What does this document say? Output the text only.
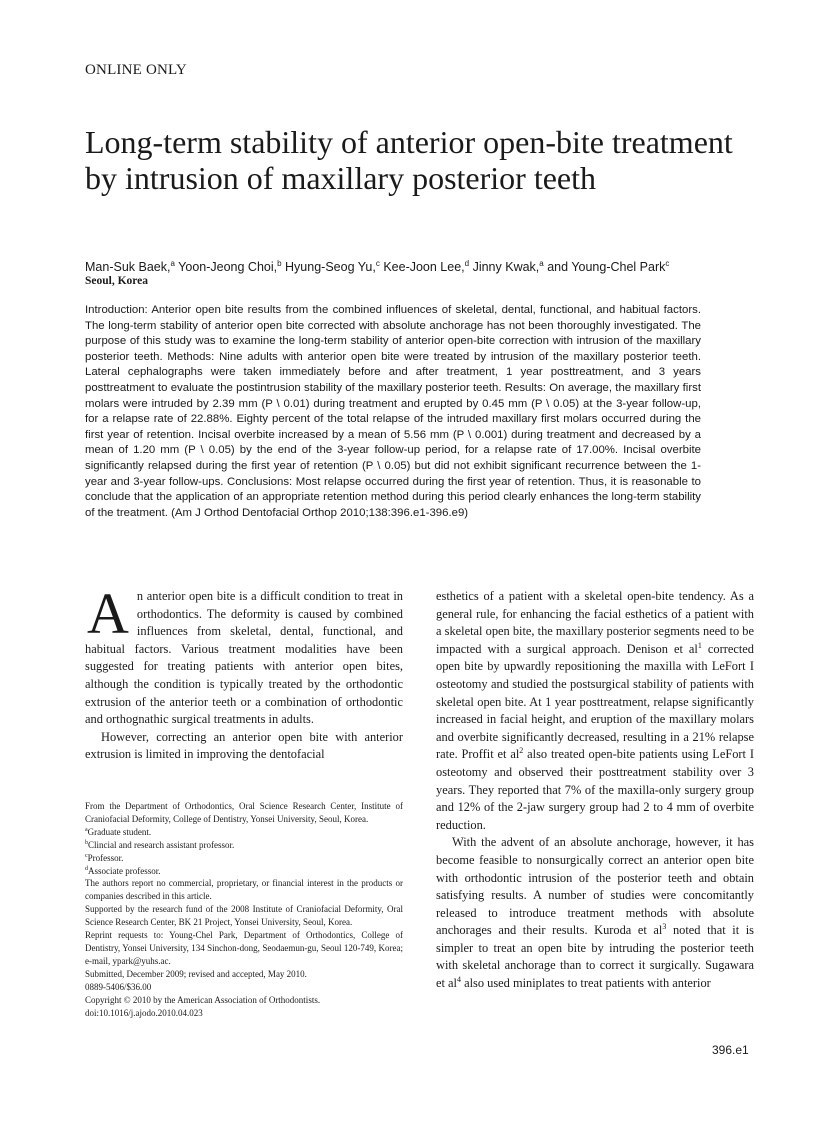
ONLINE ONLY
Long-term stability of anterior open-bite treatment by intrusion of maxillary posterior teeth
Man-Suk Baek,$^a$ Yoon-Jeong Choi,$^b$ Hyung-Seog Yu,$^c$ Kee-Joon Lee,$^d$ Jinny Kwak,$^a$ and Young-Chel Park$^c$
Seoul, Korea

Introduction: Anterior open bite results from the combined influences of skeletal, dental, functional, and habitual factors. The long-term stability of anterior open bite corrected with absolute anchorage has not been thoroughly investigated. The purpose of this study was to examine the long-term stability of anterior open-bite correction with intrusion of the maxillary posterior teeth. Methods: Nine adults with anterior open bite were treated by intrusion of the maxillary posterior teeth. Lateral cephalographs were taken immediately before and after treatment, 1 year posttreatment, and 3 years posttreatment to evaluate the postintrusion stability of the maxillary posterior teeth. Results: On average, the maxillary first molars were intruded by 2.39 mm (P \ 0.01) during treatment and erupted by 0.45 mm (P \ 0.05) at the 3-year follow-up, for a relapse rate of 22.88%. Eighty percent of the total relapse of the intruded maxillary first molars occurred during the first year of retention. Incisal overbite increased by a mean of 5.56 mm (P \ 0.001) during treatment and decreased by a mean of 1.20 mm (P \ 0.05) by the end of the 3-year follow-up period, for a relapse rate of 17.00%. Incisal overbite significantly relapsed during the first year of retention (P \ 0.05) but did not exhibit significant recurrence between the 1-year and 3-year follow-ups. Conclusions: Most relapse occurred during the first year of retention. Thus, it is reasonable to conclude that the application of an appropriate retention method during this period clearly enhances the long-term stability of the treatment. (Am J Orthod Dentofacial Orthop 2010;138:396.e1-396.e9)

An anterior open bite is a difficult condition to treat in orthodontics. The deformity is caused by combined influences from skeletal, dental, functional, and habitual factors. Various treatment modalities have been suggested for treating patients with anterior open bites, although the condition is typically treated by the orthodontic extrusion of the anterior teeth or a combination of orthodontic and orthognathic surgical treatments in adults.

However, correcting an anterior open bite with anterior extrusion is limited in improving the dentofacial

esthetics of a patient with a skeletal open-bite tendency. As a general rule, for enhancing the facial esthetics of a patient with a skeletal open bite, the maxillary posterior segments need to be impacted with a surgical approach. Denison et $al^1$ corrected open bite by upwardly repositioning the maxilla with LeFort I osteotomy and studied the postsurgical stability of patients with skeletal open bite. At 1 year posttreatment, relapse significantly increased in facial height, and eruption of the maxillary molars and overbite significantly decreased, resulting in a 21% relapse rate. Proffit et $al^2$ also treated open-bite patients using LeFort I osteotomy and observed their posttreatment stability over 3 years. They reported that 7% of the maxilla-only surgery group and 12% of the 2-jaw surgery group had 2 to 4 mm of overbite reduction.

With the advent of an absolute anchorage, however, it has become feasible to nonsurgically correct an anterior open bite with orthodontic intrusion of the posterior teeth and obtain satisfying results. A number of studies were concomitantly released to introduce treatment methods with absolute anchorages and their results. Kuroda et $al^3$ noted that it is simpler to treat an open bite by intruding the posterior teeth with skeletal anchorage than to correct it surgically. Sugawara et $al^4$ also used miniplates to treat patients with anterior

From the Department of Orthodontics, Oral Science Research Center, Institute of Craniofacial Deformity, College of Dentistry, Yonsei University, Seoul, Korea.
$^a$Graduate student.
$^b$Clincial and research assistant professor.
$^c$Professor.
$^d$Associate professor.
The authors report no commercial, proprietary, or financial interest in the products or companies described in this article.
Supported by the research fund of the 2008 Institute of Craniofacial Deformity, Oral Science Research Center, BK 21 Project, Yonsei University, Seoul, Korea.
Reprint requests to: Young-Chel Park, Department of Orthodontics, College of Dentistry, Yonsei University, 134 Sinchon-dong, Seodaemun-gu, Seoul 120-749, Korea; e-mail, ypark@yuhs.ac.
Submitted, December 2009; revised and accepted, May 2010.
0889-5406/$36.00
Copyright © 2010 by the American Association of Orthodontists.
doi:10.1016/j.ajodo.2010.04.023
396.e1
